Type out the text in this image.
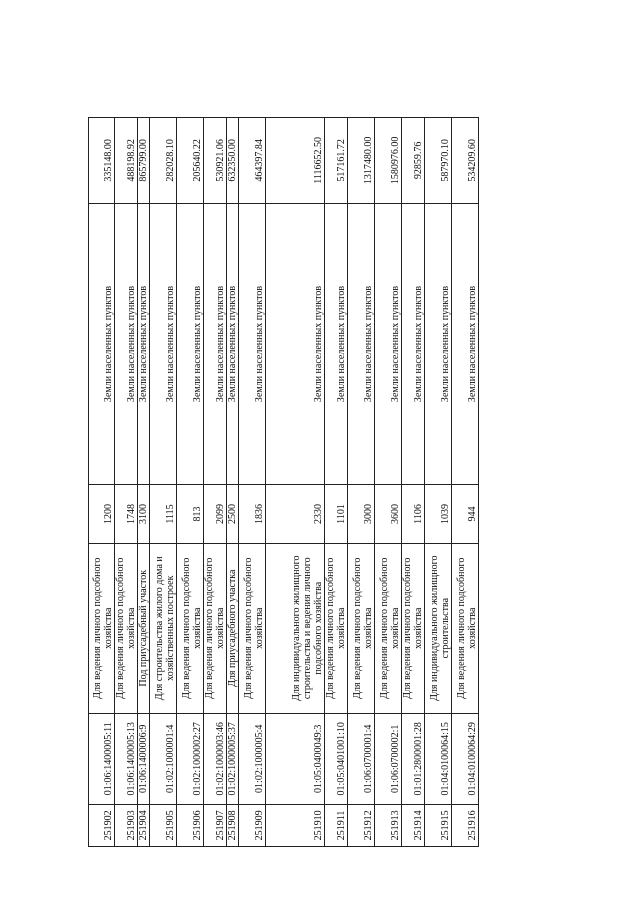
251902	01:06:1400005:11	Для ведения личного подсобного хозяйства	1200	Земли населенных пунктов	335148.00
251903	01:06:1400005:13	Для ведения личного подсобного хозяйства	1748	Земли населенных пунктов	488198.92
251904	01:06:1400006:9	Под приусадебный участок	3100	Земли населенных пунктов	865799.00
251905	01:02:1000001:4	Для строительства жилого дома и хозяйственных построек	1115	Земли населенных пунктов	282028.10
251906	01:02:1000002:27	Для ведения личного подсобного хозяйства	813	Земли населенных пунктов	205640.22
251907	01:02:1000003:46	Для ведения личного подсобного хозяйства	2099	Земли населенных пунктов	530921.06
251908	01:02:1000005:37	Для приусадебного участка	2500	Земли населенных пунктов	632350.00
251909	01:02:1000005:4	Для ведения личного подсобного хозяйства	1836	Земли населенных пунктов	464397.84
251910	01:05:0400049:3	Для индивидуального жилищного строительства и ведения личного подсобного хозяйства	2330	Земли населенных пунктов	1116652.50
251911	01:05:0401001:10	Для ведения личного подсобного хозяйства	1101	Земли населенных пунктов	517161.72
251912	01:06:0700001:4	Для ведения личного подсобного хозяйства	3000	Земли населенных пунктов	1317480.00
251913	01:06:0700002:1	Для ведения личного подсобного хозяйства	3600	Земли населенных пунктов	1580976.00
251914	01:01:2800001:28	Для ведения личного подсобного хозяйства	1106	Земли населенных пунктов	92859.76
251915	01:04:0100064:15	Для индивидуального жилищного строительства	1039	Земли населенных пунктов	587970.10
251916	01:04:0100064:29	Для ведения личного подсобного хозяйства	944	Земли населенных пунктов	534209.60
